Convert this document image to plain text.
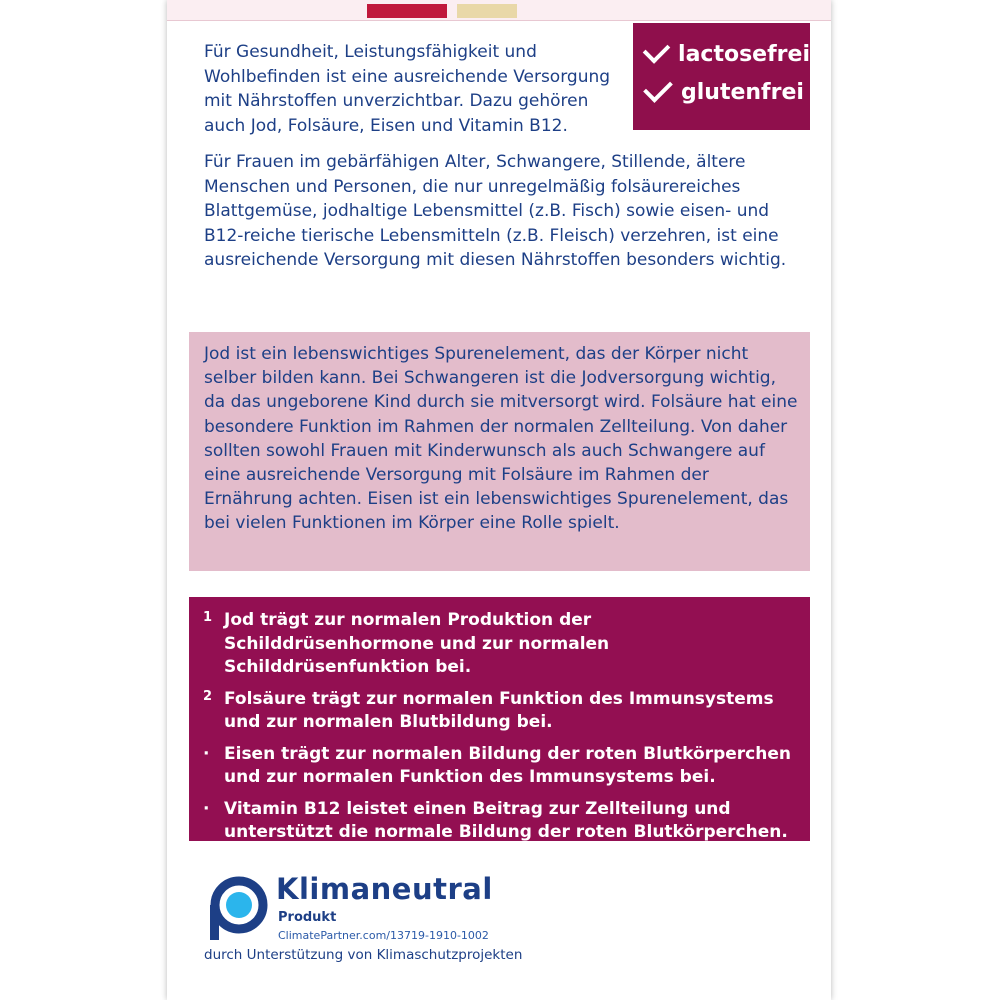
Für Gesundheit, Leistungsfähigkeit und Wohlbefinden ist eine ausreichende Versorgung mit Nährstoffen unverzichtbar. Dazu gehören auch Jod, Folsäure, Eisen und Vitamin B12.

Für Frauen im gebärfähigen Alter, Schwangere, Stillende, ältere Menschen und Personen, die nur unregelmäßig folsäurereiches Blattgemüse, jodhaltige Lebensmittel (z.B. Fisch) sowie eisen- und B12-reiche tierische Lebensmitteln (z.B. Fleisch) verzehren, ist eine ausreichende Versorgung mit diesen Nährstoffen besonders wichtig.

lactosefrei
glutenfrei
Jod ist ein lebenswichtiges Spurenelement, das der Körper nicht selber bilden kann. Bei Schwangeren ist die Jodversorgung wichtig, da das ungeborene Kind durch sie mitversorgt wird. Folsäure hat eine besondere Funktion im Rahmen der normalen Zellteilung. Von daher sollten sowohl Frauen mit Kinderwunsch als auch Schwangere auf eine ausreichende Versorgung mit Folsäure im Rahmen der Ernährung achten. Eisen ist ein lebenswichtiges Spurenelement, das bei vielen Funktionen im Körper eine Rolle spielt.
1 Jod trägt zur normalen Produktion der Schilddrüsenhormone und zur normalen Schilddrüsenfunktion bei.
2 Folsäure trägt zur normalen Funktion des Immunsystems und zur normalen Blutbildung bei.
· Eisen trägt zur normalen Bildung der roten Blutkörperchen und zur normalen Funktion des Immunsystems bei.
· Vitamin B12 leistet einen Beitrag zur Zellteilung und unterstützt die normale Bildung der roten Blutkörperchen.
Klimaneutral
Produkt
ClimatePartner.com/13719-1910-1002
durch Unterstützung von Klimaschutzprojekten
